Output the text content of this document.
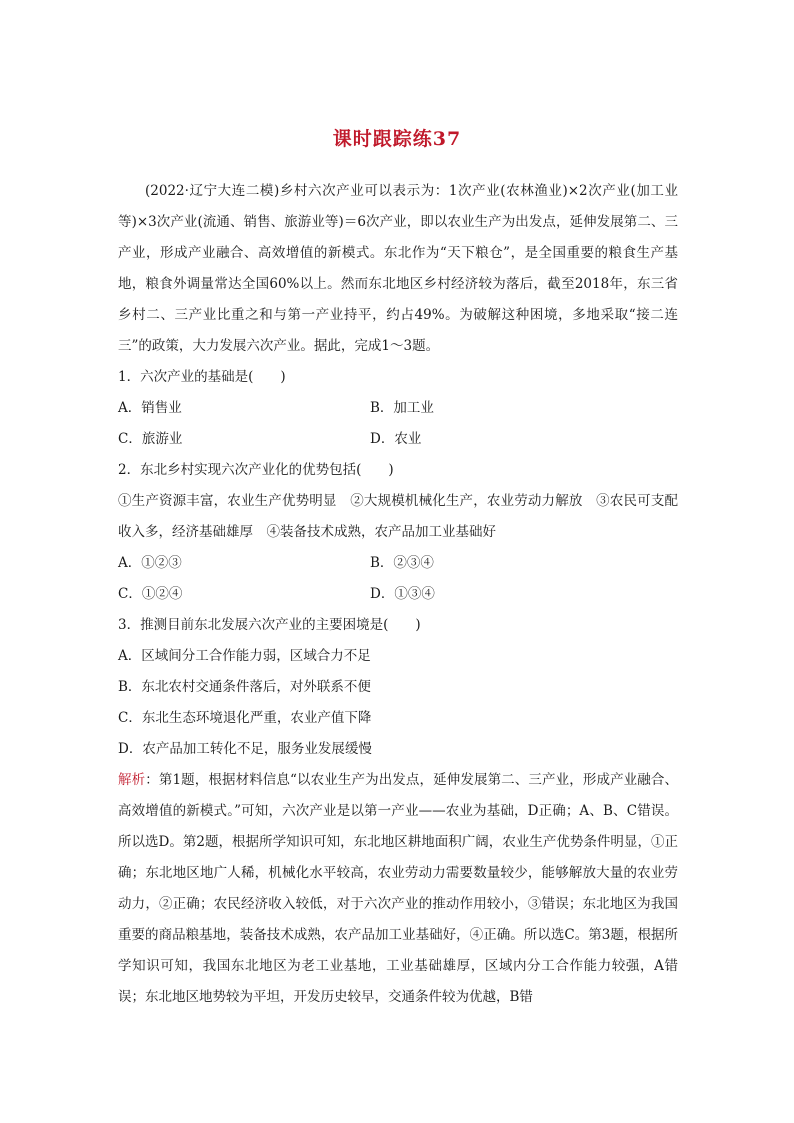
课时跟踪练37

(2022·辽宁大连二模)乡村六次产业可以表示为：1次产业(农林渔业)×2次产业(加工业等)×3次产业(流通、销售、旅游业等)＝6次产业，即以农业生产为出发点，延伸发展第二、三产业，形成产业融合、高效增值的新模式。东北作为“天下粮仓”，是全国重要的粮食生产基地，粮食外调量常达全国60%以上。然而东北地区乡村经济较为落后，截至2018年，东三省乡村二、三产业比重之和与第一产业持平，约占49%。为破解这种困境，多地采取“接二连三”的政策，大力发展六次产业。据此，完成1～3题。

1．六次产业的基础是(　　)

A．销售业	B．加工业
C．旅游业	D．农业

2．东北乡村实现六次产业化的优势包括(　　)

①生产资源丰富，农业生产优势明显　②大规模机械化生产，农业劳动力解放　③农民可支配收入多，经济基础雄厚　④装备技术成熟，农产品加工业基础好

A．①②③	B．②③④
C．①②④	D．①③④

3．推测目前东北发展六次产业的主要困境是(　　)

A．区域间分工合作能力弱，区域合力不足

B．东北农村交通条件落后，对外联系不便

C．东北生态环境退化严重，农业产值下降

D．农产品加工转化不足，服务业发展缓慢

解析：第1题，根据材料信息“以农业生产为出发点，延伸发展第二、三产业，形成产业融合、高效增值的新模式。”可知，六次产业是以第一产业——农业为基础，D正确；A、B、C错误。所以选D。第2题，根据所学知识可知，东北地区耕地面积广阔，农业生产优势条件明显，①正确；东北地区地广人稀，机械化水平较高，农业劳动力需要数量较少，能够解放大量的农业劳动力，②正确；农民经济收入较低，对于六次产业的推动作用较小，③错误；东北地区为我国重要的商品粮基地，装备技术成熟，农产品加工业基础好，④正确。所以选C。第3题，根据所学知识可知，我国东北地区为老工业基地，工业基础雄厚，区域内分工合作能力较强，A错误；东北地区地势较为平坦，开发历史较早，交通条件较为优越，B错
